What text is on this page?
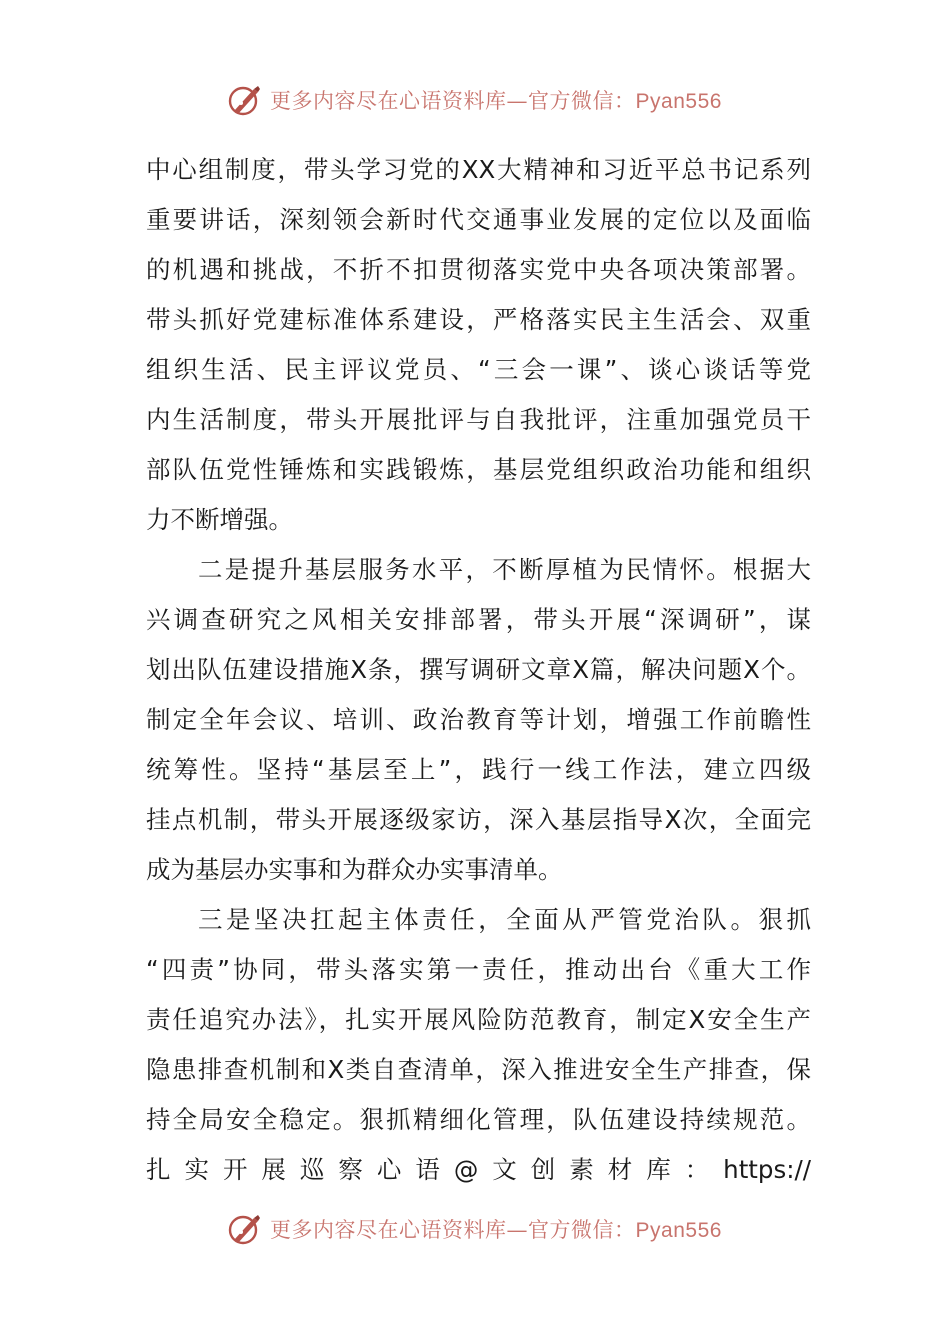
更多内容尽在心语资料库—官方微信：Pyan556
中心组制度，带头学习党的XX大精神和习近平总书记系列
重要讲话，深刻领会新时代交通事业发展的定位以及面临
的机遇和挑战，不折不扣贯彻落实党中央各项决策部署。
带头抓好党建标准体系建设，严格落实民主生活会、双重
组织生活、民主评议党员、“三会一课”、谈心谈话等党
内生活制度，带头开展批评与自我批评，注重加强党员干
部队伍党性锤炼和实践锻炼，基层党组织政治功能和组织
力不断增强。
二是提升基层服务水平，不断厚植为民情怀。根据大
兴调查研究之风相关安排部署，带头开展“深调研”，谋
划出队伍建设措施X条，撰写调研文章X篇，解决问题X个。
制定全年会议、培训、政治教育等计划，增强工作前瞻性
统筹性。坚持“基层至上”，践行一线工作法，建立四级
挂点机制，带头开展逐级家访，深入基层指导X次，全面完
成为基层办实事和为群众办实事清单。
三是坚决扛起主体责任，全面从严管党治队。狠抓
“四责”协同，带头落实第一责任，推动出台《重大工作
责任追究办法》，扎实开展风险防范教育，制定X安全生产
隐患排查机制和X类自查清单，深入推进安全生产排查，保
持全局安全稳定。狠抓精细化管理，队伍建设持续规范。
扎实开展巡察心语@文创素材库：https://
更多内容尽在心语资料库—官方微信：Pyan556
